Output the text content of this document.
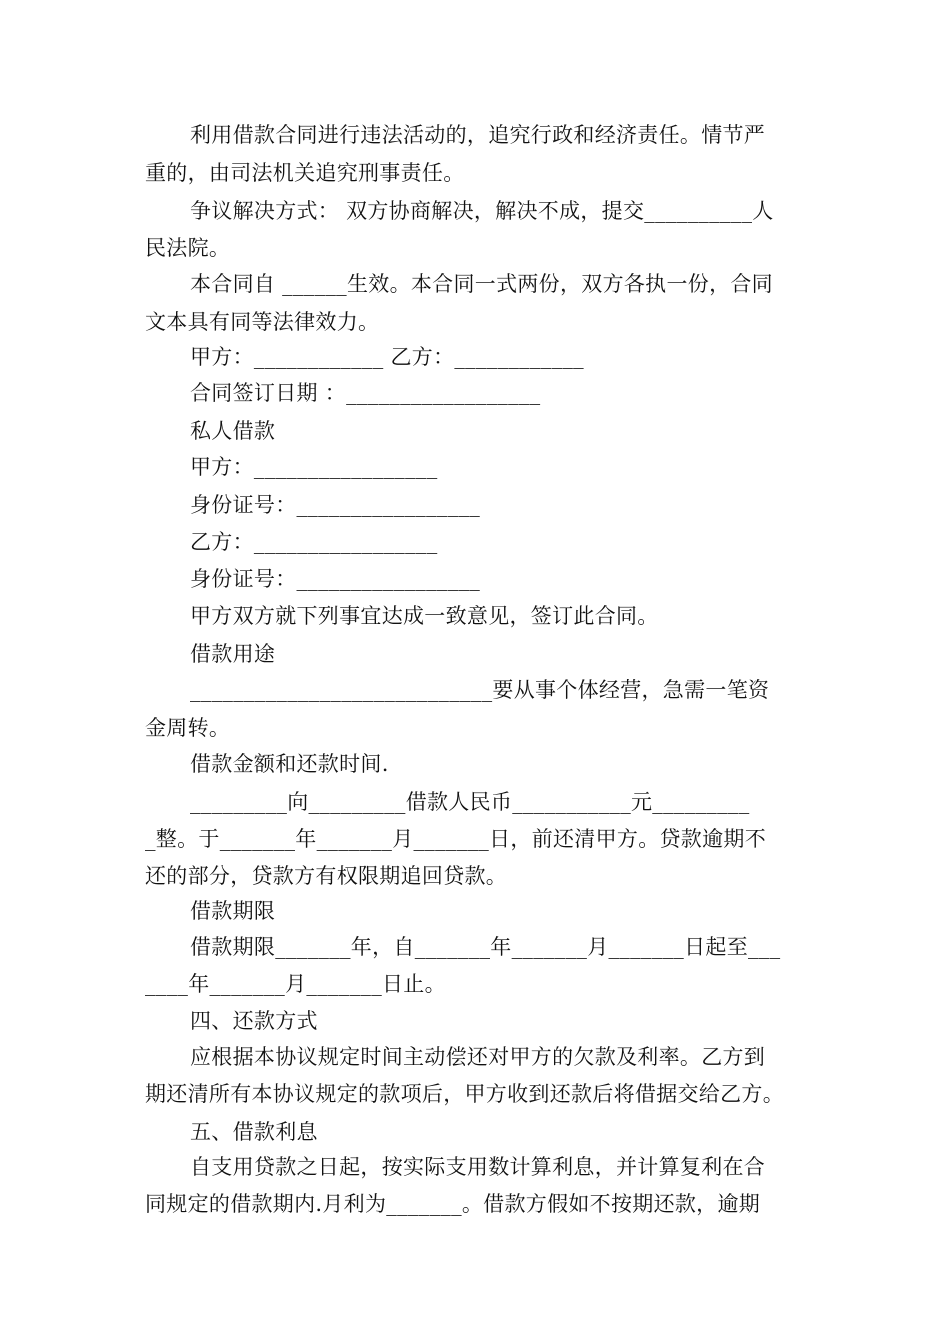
利用借款合同进行违法活动的，追究行政和经济责任。情节严
重的，由司法机关追究刑事责任。
争议解决方式： 双方协商解决，解决不成，提交__________人
民法院。
本合同自 ______生效。本合同一式两份，双方各执一份，合同
文本具有同等法律效力。
甲方：____________ 乙方：____________
合同签订日期 ：__________________
私人借款
甲方：_________________
身份证号：_________________
乙方：_________________
身份证号：_________________
甲方双方就下列事宜达成一致意见，签订此合同。
借款用途
____________________________要从事个体经营，急需一笔资
金周转。
借款金额和还款时间.
_________向_________借款人民币___________元_________
_整。于_______年_______月_______日，前还清甲方。贷款逾期不
还的部分，贷款方有权限期追回贷款。
借款期限
借款期限_______年，自_______年_______月_______日起至___
____年_______月_______日止。
四、还款方式
应根据本协议规定时间主动偿还对甲方的欠款及利率。乙方到
期还清所有本协议规定的款项后，甲方收到还款后将借据交给乙方。
五、借款利息
自支用贷款之日起，按实际支用数计算利息，并计算复利在合
同规定的借款期内.月利为_______。借款方假如不按期还款，逾期
